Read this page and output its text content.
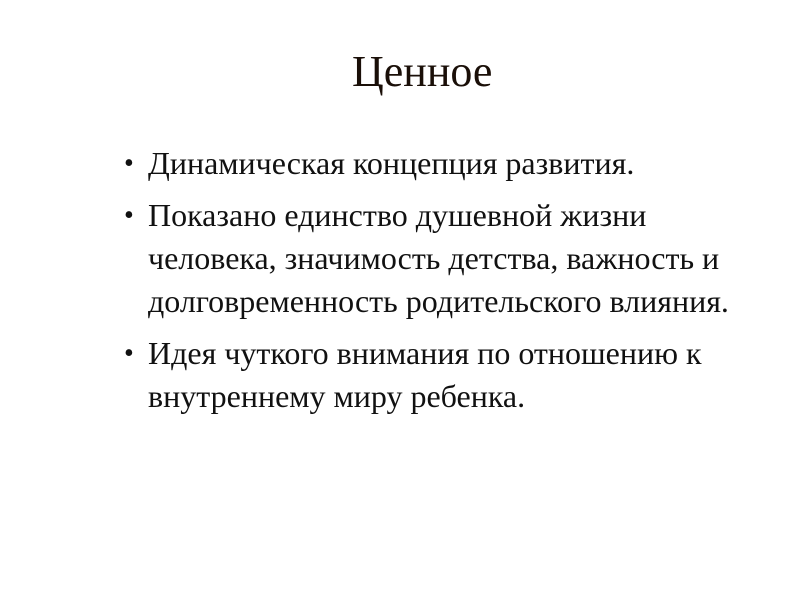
Ценное
• Динамическая концепция развития.
• Показано единство душевной жизни человека, значимость детства, важность и долговременность родительского влияния.
• Идея чуткого внимания по отношению к внутреннему миру ребенка.
